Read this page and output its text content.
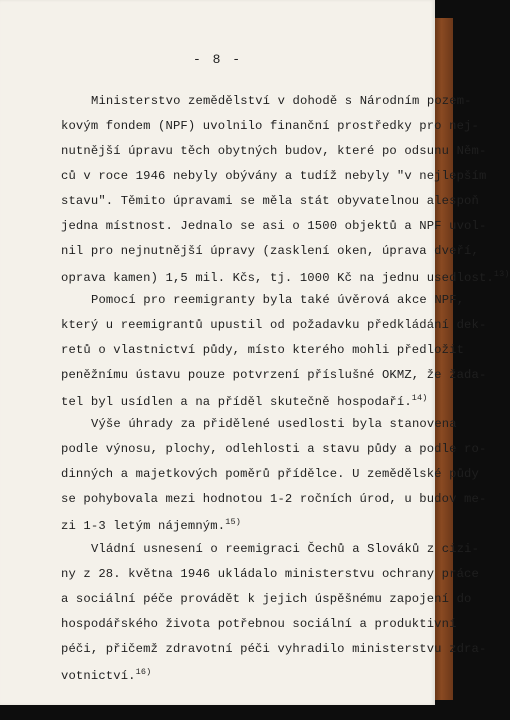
- 8 -
Ministerstvo zemědělství v dohodě s Národním pozem-
kovým fondem (NPF) uvolnilo finanční prostředky pro nej-
nutnější úpravu těch obytných budov, které po odsunu Něm-
ců v roce 1946 nebyly obývány a tudíž nebyly "v nejlepším
stavu". Těmito úpravami se měla stát obyvatelnou alespoň
jedna místnost. Jednalo se asi o 1500 objektů a NPF uvol-
nil pro nejnutnější úpravy (zasklení oken, úprava dveří,
oprava kamen) 1,5 mil. Kčs, tj. 1000 Kč na jednu usedlost.$^{13)}$
Pomocí pro reemigranty byla také úvěrová akce NPF,
který u reemigrantů upustil od požadavku předkládání dek-
retů o vlastnictví půdy, místo kterého mohli předložit
peněžnímu ústavu pouze potvrzení příslušné OKMZ, že žada-
tel byl usídlen a na příděl skutečně hospodaří.$^{14)}$
Výše úhrady za přidělené usedlosti byla stanovena
podle výnosu, plochy, odlehlosti a stavu půdy a podle ro-
dinných a majetkových poměrů přídělce. U zemědělské půdy
se pohybovala mezi hodnotou 1-2 ročních úrod, u budov me-
zi 1-3 letým nájemným.$^{15)}$
Vládní usnesení o reemigraci Čechů a Slováků z cizi-
ny z 28. května 1946 ukládalo ministerstvu ochrany práce
a sociální péče provádět k jejich úspěšnému zapojení do
hospodářského života potřebnou sociální a produktivní
péči, přičemž zdravotní péči vyhradilo ministerstvu zdra-
votnictví.$^{16)}$
